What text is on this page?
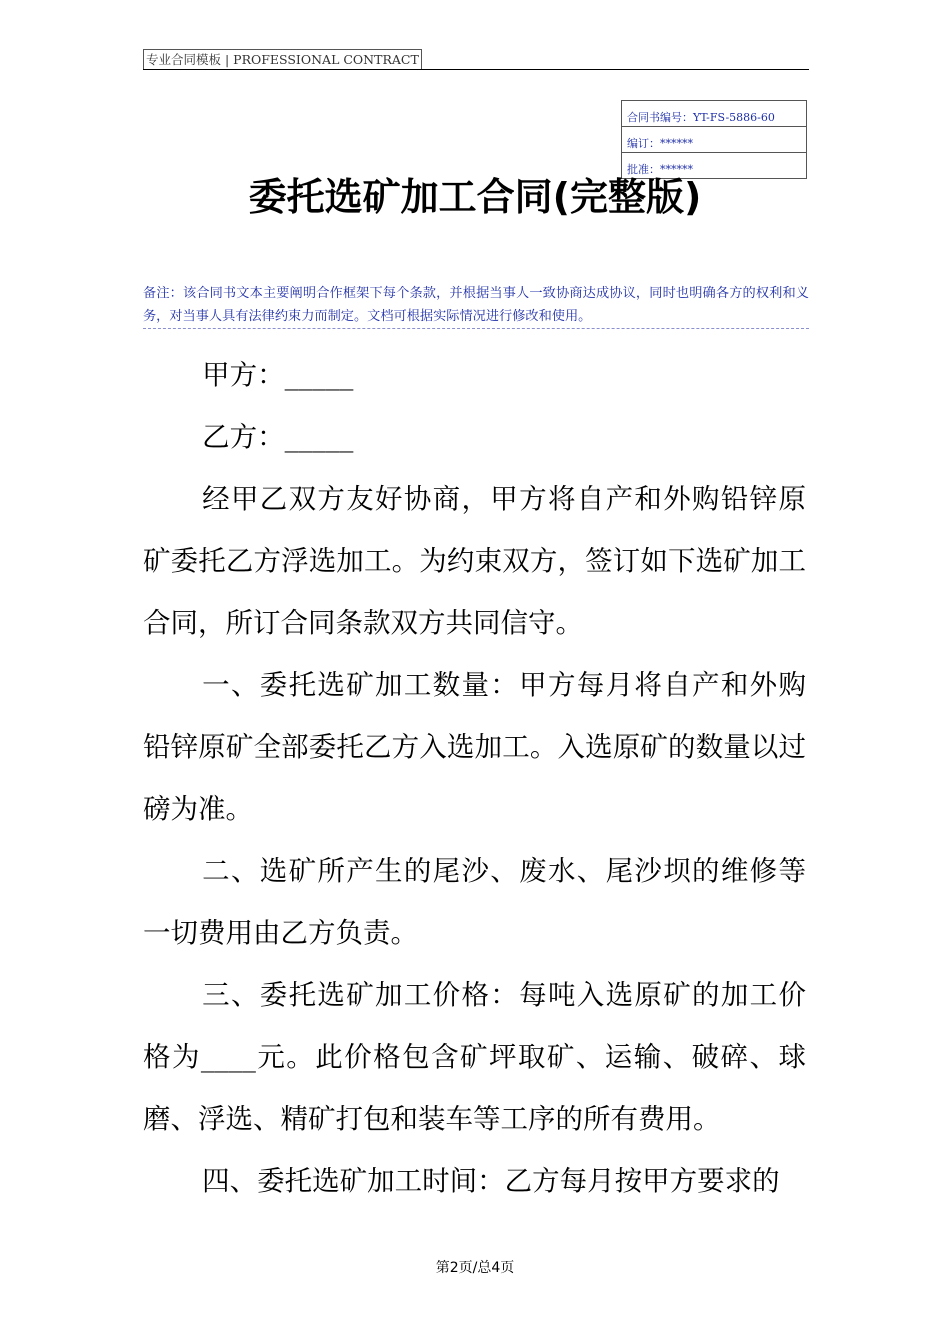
专业合同模板 | PROFESSIONAL CONTRACT
合同书编号：YT-FS-5886-60
编订：******
批准：******
委托选矿加工合同(完整版)
备注：该合同书文本主要阐明合作框架下每个条款，并根据当事人一致协商达成协议，同时也明确各方的权利和义务，对当事人具有法律约束力而制定。文档可根据实际情况进行修改和使用。

甲方：_____

乙方：_____

经甲乙双方友好协商，甲方将自产和外购铅锌原矿委托乙方浮选加工。为约束双方，签订如下选矿加工合同，所订合同条款双方共同信守。

一、委托选矿加工数量：甲方每月将自产和外购铅锌原矿全部委托乙方入选加工。入选原矿的数量以过磅为准。

二、选矿所产生的尾沙、废水、尾沙坝的维修等一切费用由乙方负责。

三、委托选矿加工价格：每吨入选原矿的加工价格为____元。此价格包含矿坪取矿、运输、破碎、球磨、浮选、精矿打包和装车等工序的所有费用。

四、委托选矿加工时间：乙方每月按甲方要求的

第2页/总4页
